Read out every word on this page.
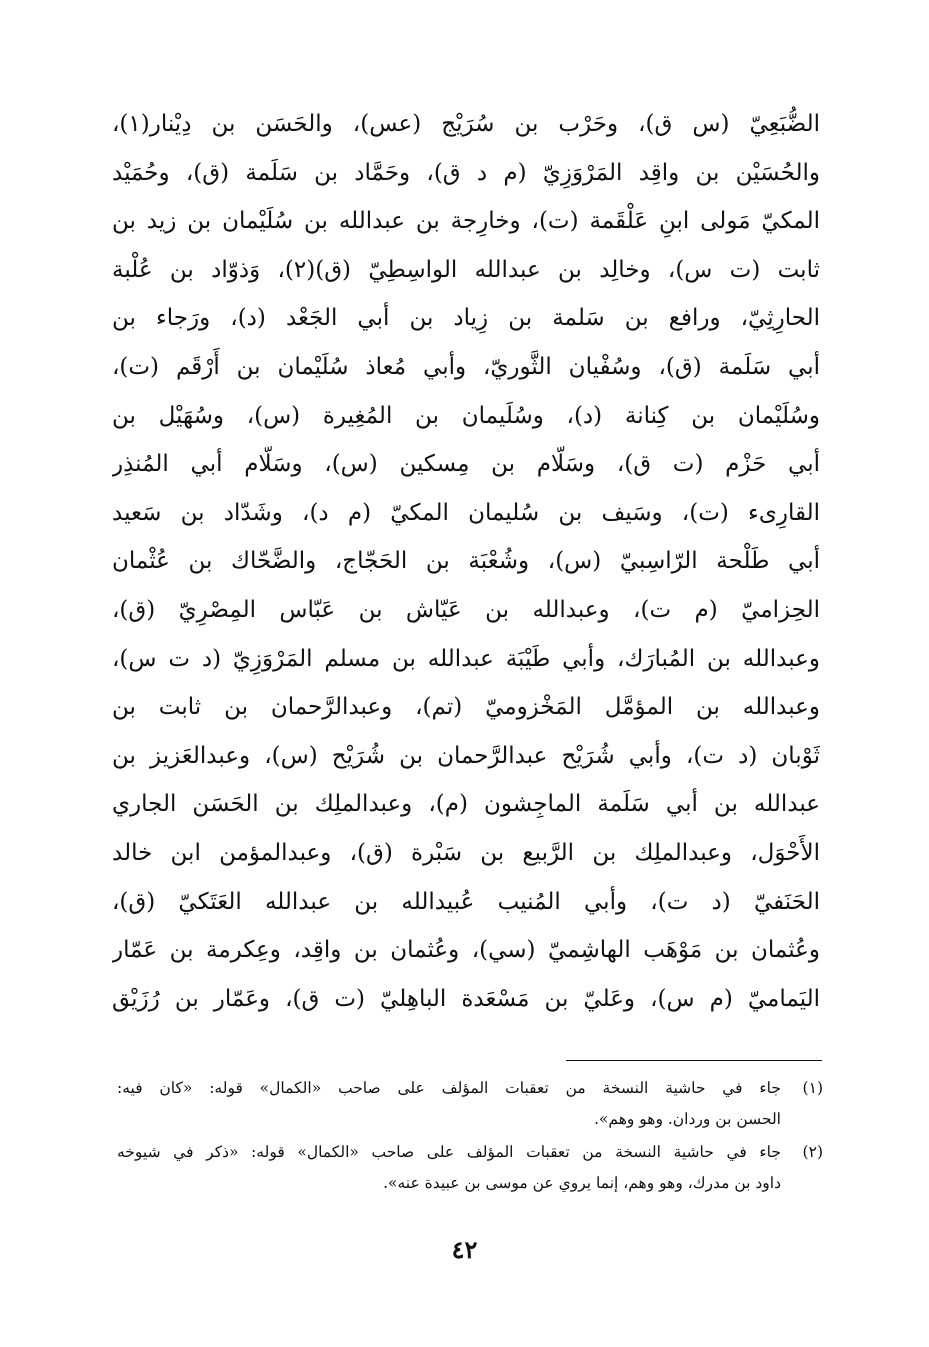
الضُّبَعِيّ (س ق)، وحَرْب بن سُرَيْج (عس)، والحَسَن بن دِيْنار(١)،
والحُسَيْن بن واقِد المَرْوَزِيّ (م د ق)، وحَمَّاد بن سَلَمة (ق)، وحُمَيْد
المكيّ مَولى ابنِ عَلْقَمة (ت)، وخارِجة بن عبدالله بن سُلَيْمان بن زيد بن
ثابت (ت س)، وخالِد بن عبدالله الواسِطِيّ (ق)(٢)، وَذوّاد بن عُلْبة
الحارِثِيّ، ورافع بن سَلمة بن زِياد بن أبي الجَعْد (د)، ورَجاء بن
أبي سَلَمة (ق)، وسُفْيان الثَّوريّ، وأبي مُعاذ سُلَيْمان بن أَرْقَم (ت)،
وسُلَيْمان بن كِنانة (د)، وسُلَيمان بن المُغِيرة (س)، وسُهَيْل بن
أبي حَزْم (ت ق)، وسَلّام بن مِسكين (س)، وسَلّام أبي المُنذِر
القارِىء (ت)، وسَيف بن سُليمان المكيّ (م د)، وشَدّاد بن سَعيد
أبي طَلْحة الرّاسِبيّ (س)، وشُعْبَة بن الحَجّاج، والضَّحّاك بن عُثْمان
الحِزاميّ (م ت)، وعبدالله بن عَيّاش بن عَبّاس المِصْرِيّ (ق)،
وعبدالله بن المُبارَك، وأبي طَيْبَة عبدالله بن مسلم المَرْوَزِيّ (د ت س)،
وعبدالله بن المؤمَّل المَخْزوميّ (تم)، وعبدالرَّحمان بن ثابت بن
ثَوْبان (د ت)، وأبي شُرَيْح عبدالرَّحمان بن شُرَيْح (س)، وعبدالعَزيز بن
عبدالله بن أبي سَلَمة الماجِشون (م)، وعبدالملِك بن الحَسَن الجاري
الأَحْوَل، وعبدالملِك بن الرَّبيع بن سَبْرة (ق)، وعبدالمؤمن ابن خالد
الحَنَفيّ (د ت)، وأبي المُنيب عُبيدالله بن عبدالله العَتَكيّ (ق)،
وعُثمان بن مَوْهَب الهاشِميّ (سي)، وعُثمان بن واقِد، وعِكرمة بن عَمّار
اليَماميّ (م س)، وعَليّ بن مَسْعَدة الباهِليّ (ت ق)، وعَمّار بن رُزَيْق
(١)
جاء في حاشية النسخة من تعقبات المؤلف على صاحب «الكمال» قوله: «كان فيه:
الحسن بن وردان. وهو وهم».
(٢)
جاء في حاشية النسخة من تعقبات المؤلف على صاحب «الكمال» قوله: «ذكر في شيوخه
داود بن مدرك، وهو وهم، إنما يروي عن موسى بن عبيدة عنه».
٤٢
